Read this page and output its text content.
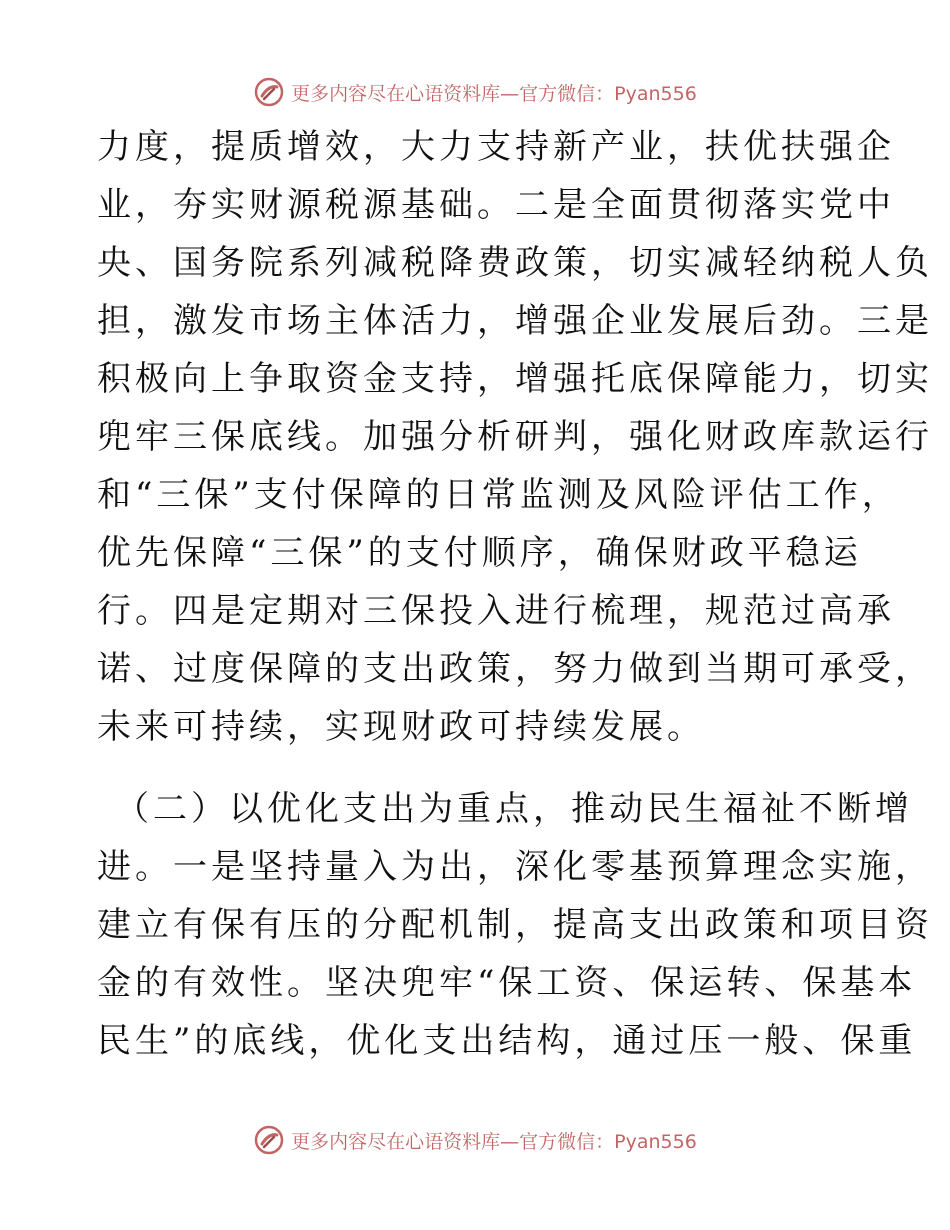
更多内容尽在心语资料库—官方微信：Pyan556
力度，提质增效，大力支持新产业，扶优扶强企
业，夯实财源税源基础。二是全面贯彻落实党中
央、国务院系列减税降费政策，切实减轻纳税人负
担，激发市场主体活力，增强企业发展后劲。三是
积极向上争取资金支持，增强托底保障能力，切实
兜牢三保底线。加强分析研判，强化财政库款运行
和“三保”支付保障的日常监测及风险评估工作，
优先保障“三保”的支付顺序，确保财政平稳运
行。四是定期对三保投入进行梳理，规范过高承
诺、过度保障的支出政策，努力做到当期可承受，
未来可持续，实现财政可持续发展。
（二）以优化支出为重点，推动民生福祉不断增
进。一是坚持量入为出，深化零基预算理念实施，
建立有保有压的分配机制，提高支出政策和项目资
金的有效性。坚决兜牢“保工资、保运转、保基本
民生”的底线，优化支出结构，通过压一般、保重
更多内容尽在心语资料库—官方微信：Pyan556
